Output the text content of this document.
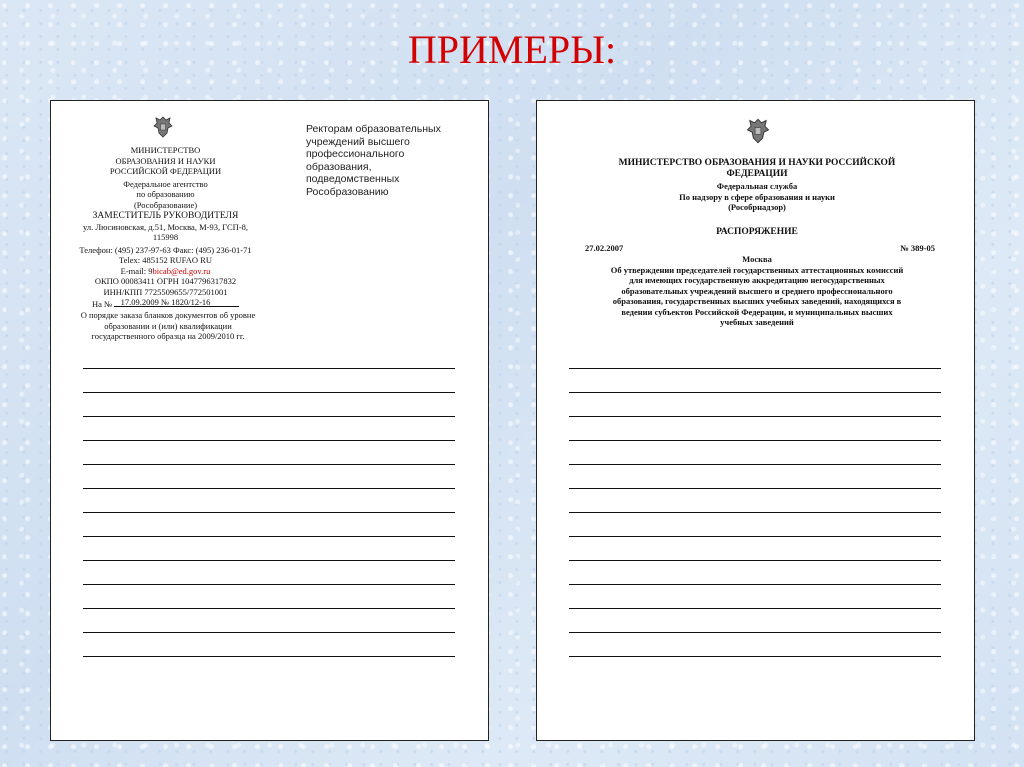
ПРИМЕРЫ:
МИНИСТЕРСТВО
ОБРАЗОВАНИЯ И НАУКИ
РОССИЙСКОЙ ФЕДЕРАЦИИ
Федеральное агентство
по образованию
(Рособразование)
ЗАМЕСТИТЕЛЬ РУКОВОДИТЕЛЯ
ул. Люсиновская, д.51, Москва, М-93, ГСП-8,
115998
Телефон: (495) 237-97-63 Факс: (495) 236-01-71
Telex: 485152 RUFAO RU
E-mail: 9bicab@ed.gov.ru
ОКПО 00083411 ОГРН 1047796317832
ИНН/КПП 7725509655/772501001
17.09.2009 № 1820/12-16
На №
О порядке заказа бланков документов об уровне
образовании и (или) квалификации
государственного образца на 2009/2010 гг.
Ректорам образовательных
учреждений высшего
профессионального
образования,
подведомственных
Рособразованию
МИНИСТЕРСТВО ОБРАЗОВАНИЯ И НАУКИ РОССИЙСКОЙ
ФЕДЕРАЦИИ
Федеральная служба
По надзору в сфере образования и науки
(Рособрнадзор)
РАСПОРЯЖЕНИЕ
27.02.2007	№ 389-05
Москва
Об утверждении председателей государственных аттестационных комиссий
для имеющих государственную аккредитацию негосударственных
образовательных учреждений высшего и среднего профессионального
образования, государственных высших учебных заведений, находящихся в
ведении субъектов Российской Федерации, и муниципальных высших
учебных заведений
